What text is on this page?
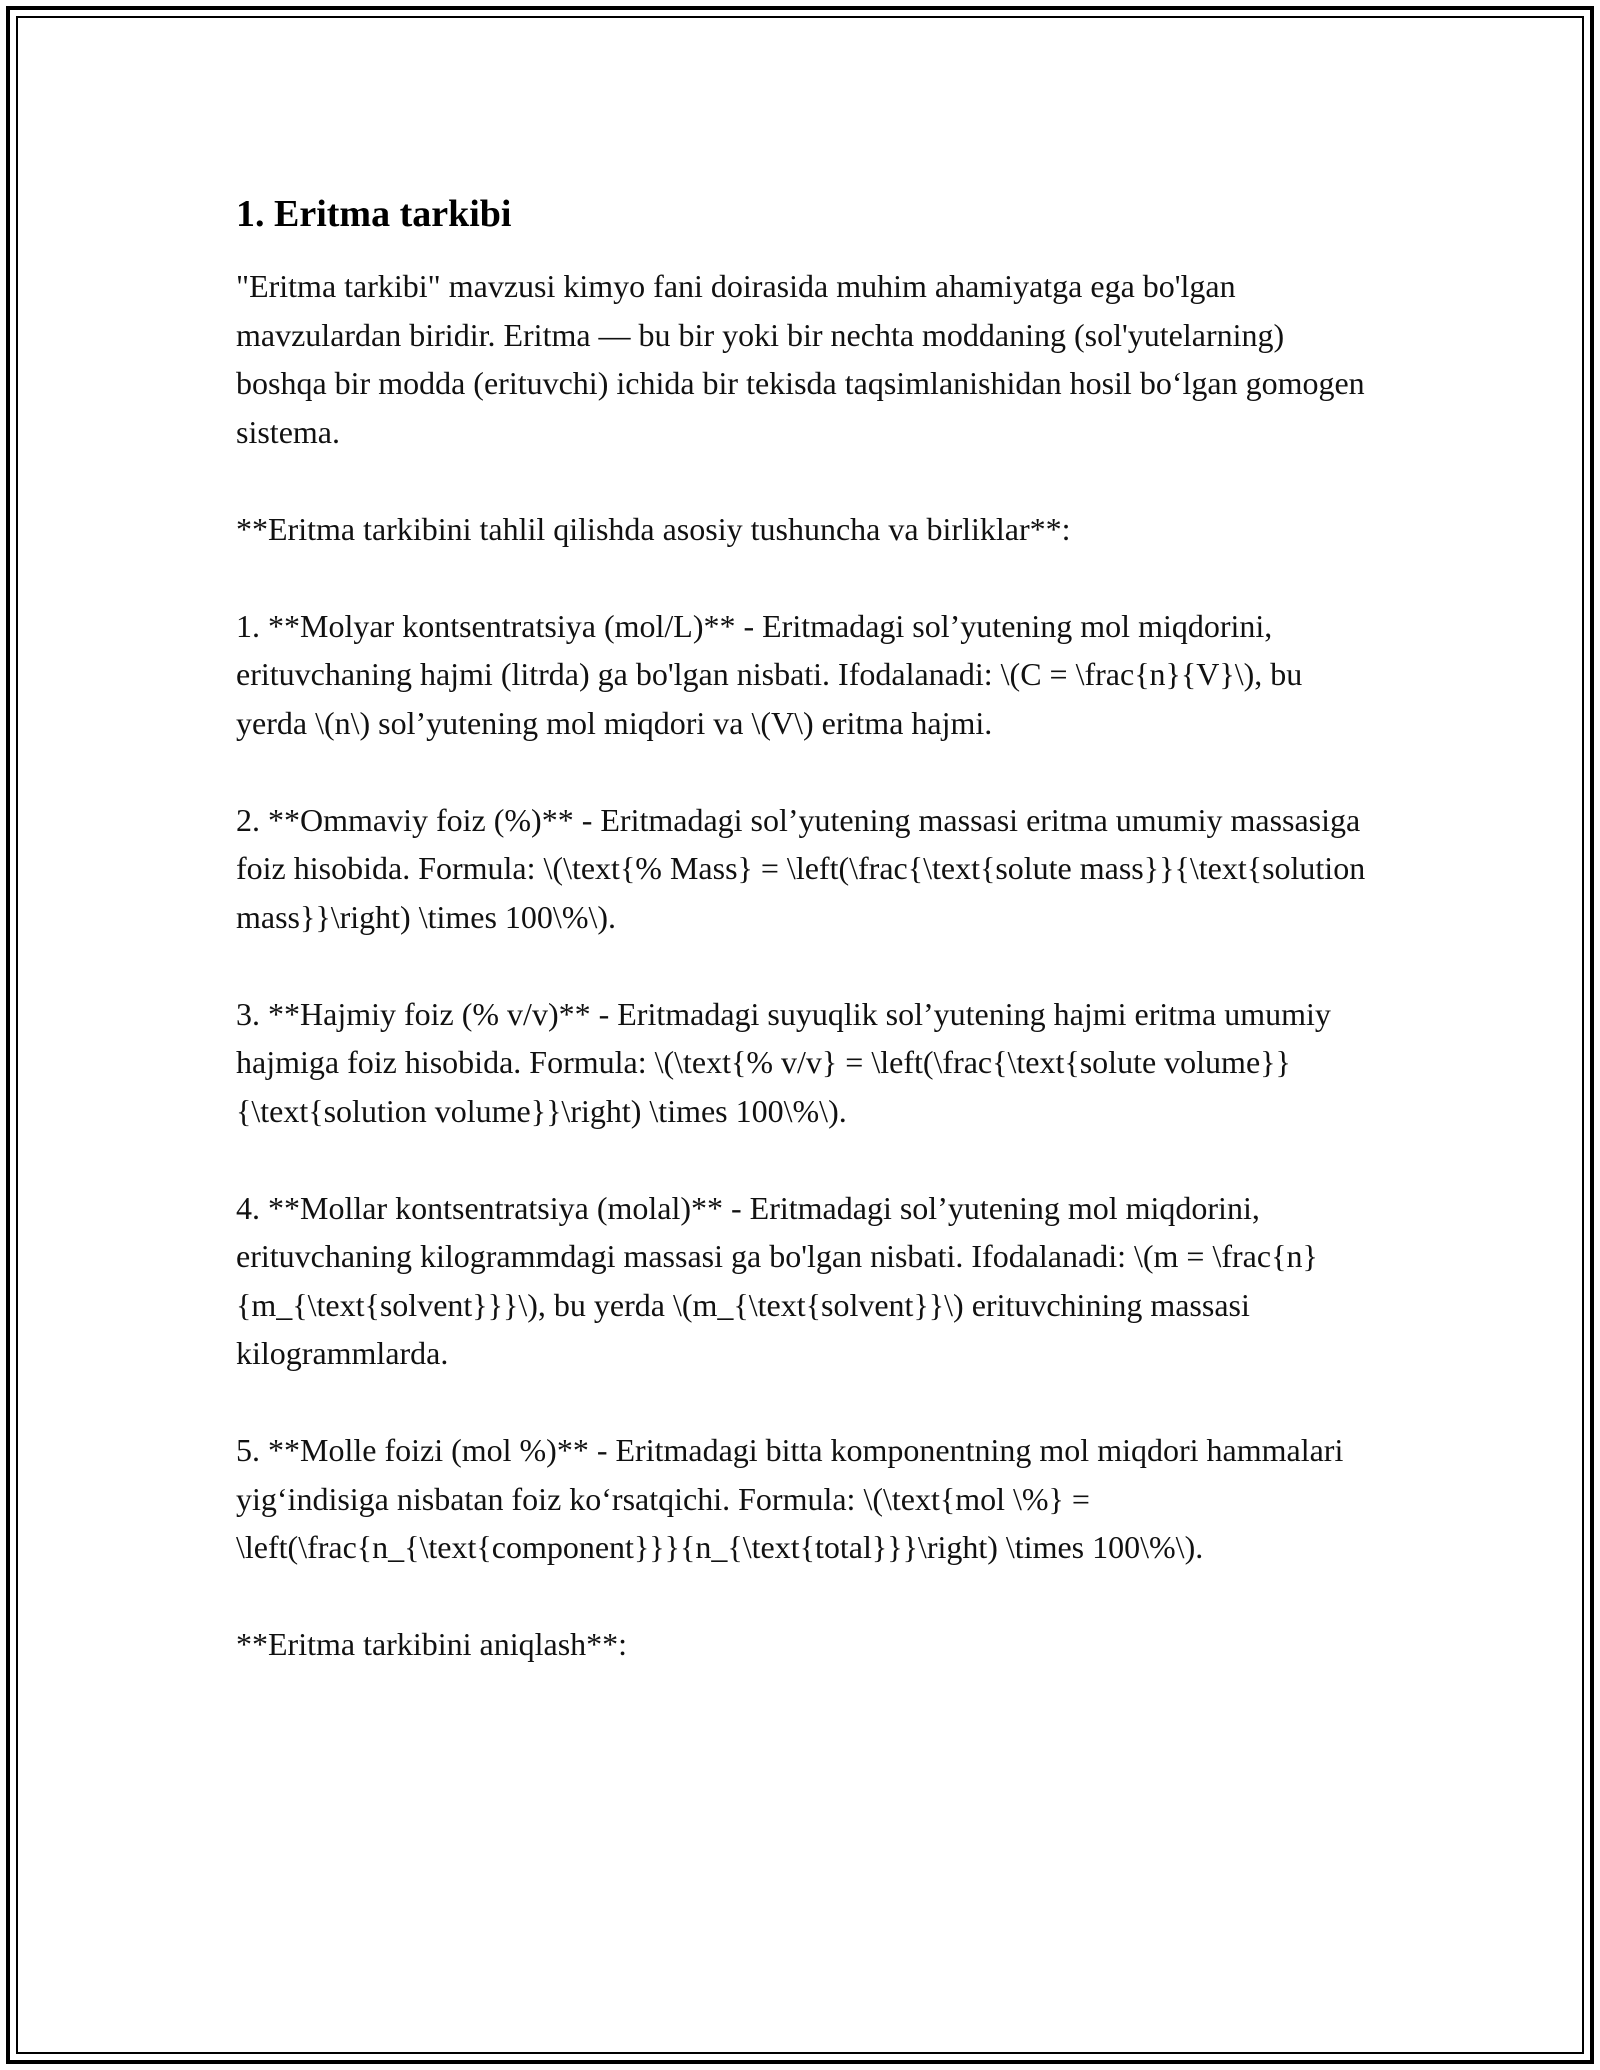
1. Eritma tarkibi

"Eritma tarkibi" mavzusi kimyo fani doirasida muhim ahamiyatga ega bo'lgan mavzulardan biridir. Eritma — bu bir yoki bir nechta moddaning (sol'yutelarning) boshqa bir modda (erituvchi) ichida bir tekisda taqsimlanishidan hosil bo‘lgan gomogen sistema.

**Eritma tarkibini tahlil qilishda asosiy tushuncha va birliklar**:

1. **Molyar kontsentratsiya (mol/L)** - Eritmadagi sol’yutening mol miqdorini, erituvchaning hajmi (litrda) ga bo'lgan nisbati. Ifodalanadi: \(C = \frac{n}{V}\), bu yerda \(n\) sol’yutening mol miqdori va \(V\) eritma hajmi.

2. **Ommaviy foiz (%)** - Eritmadagi sol’yutening massasi eritma umumiy massasiga foiz hisobida. Formula: \(\text{% Mass} = \left(\frac{\text{solute mass}}{\text{solution mass}}\right) \times 100\%\).

3. **Hajmiy foiz (% v/v)** - Eritmadagi suyuqlik sol’yutening hajmi eritma umumiy hajmiga foiz hisobida. Formula: \(\text{% v/v} = \left(\frac{\text{solute volume}}{\text{solution volume}}\right) \times 100\%\).

4. **Mollar kontsentratsiya (molal)** - Eritmadagi sol’yutening mol miqdorini, erituvchaning kilogrammdagi massasi ga bo'lgan nisbati. Ifodalanadi: \(m = \frac{n}{m_{\text{solvent}}}\), bu yerda \(m_{\text{solvent}}\) erituvchining massasi kilogrammlarda.

5. **Molle foizi (mol %)** - Eritmadagi bitta komponentning mol miqdori hammalari yig‘indisiga nisbatan foiz ko‘rsatqichi. Formula: \(\text{mol \%} = \left(\frac{n_{\text{component}}}{n_{\text{total}}}\right) \times 100\%\).

**Eritma tarkibini aniqlash**:
